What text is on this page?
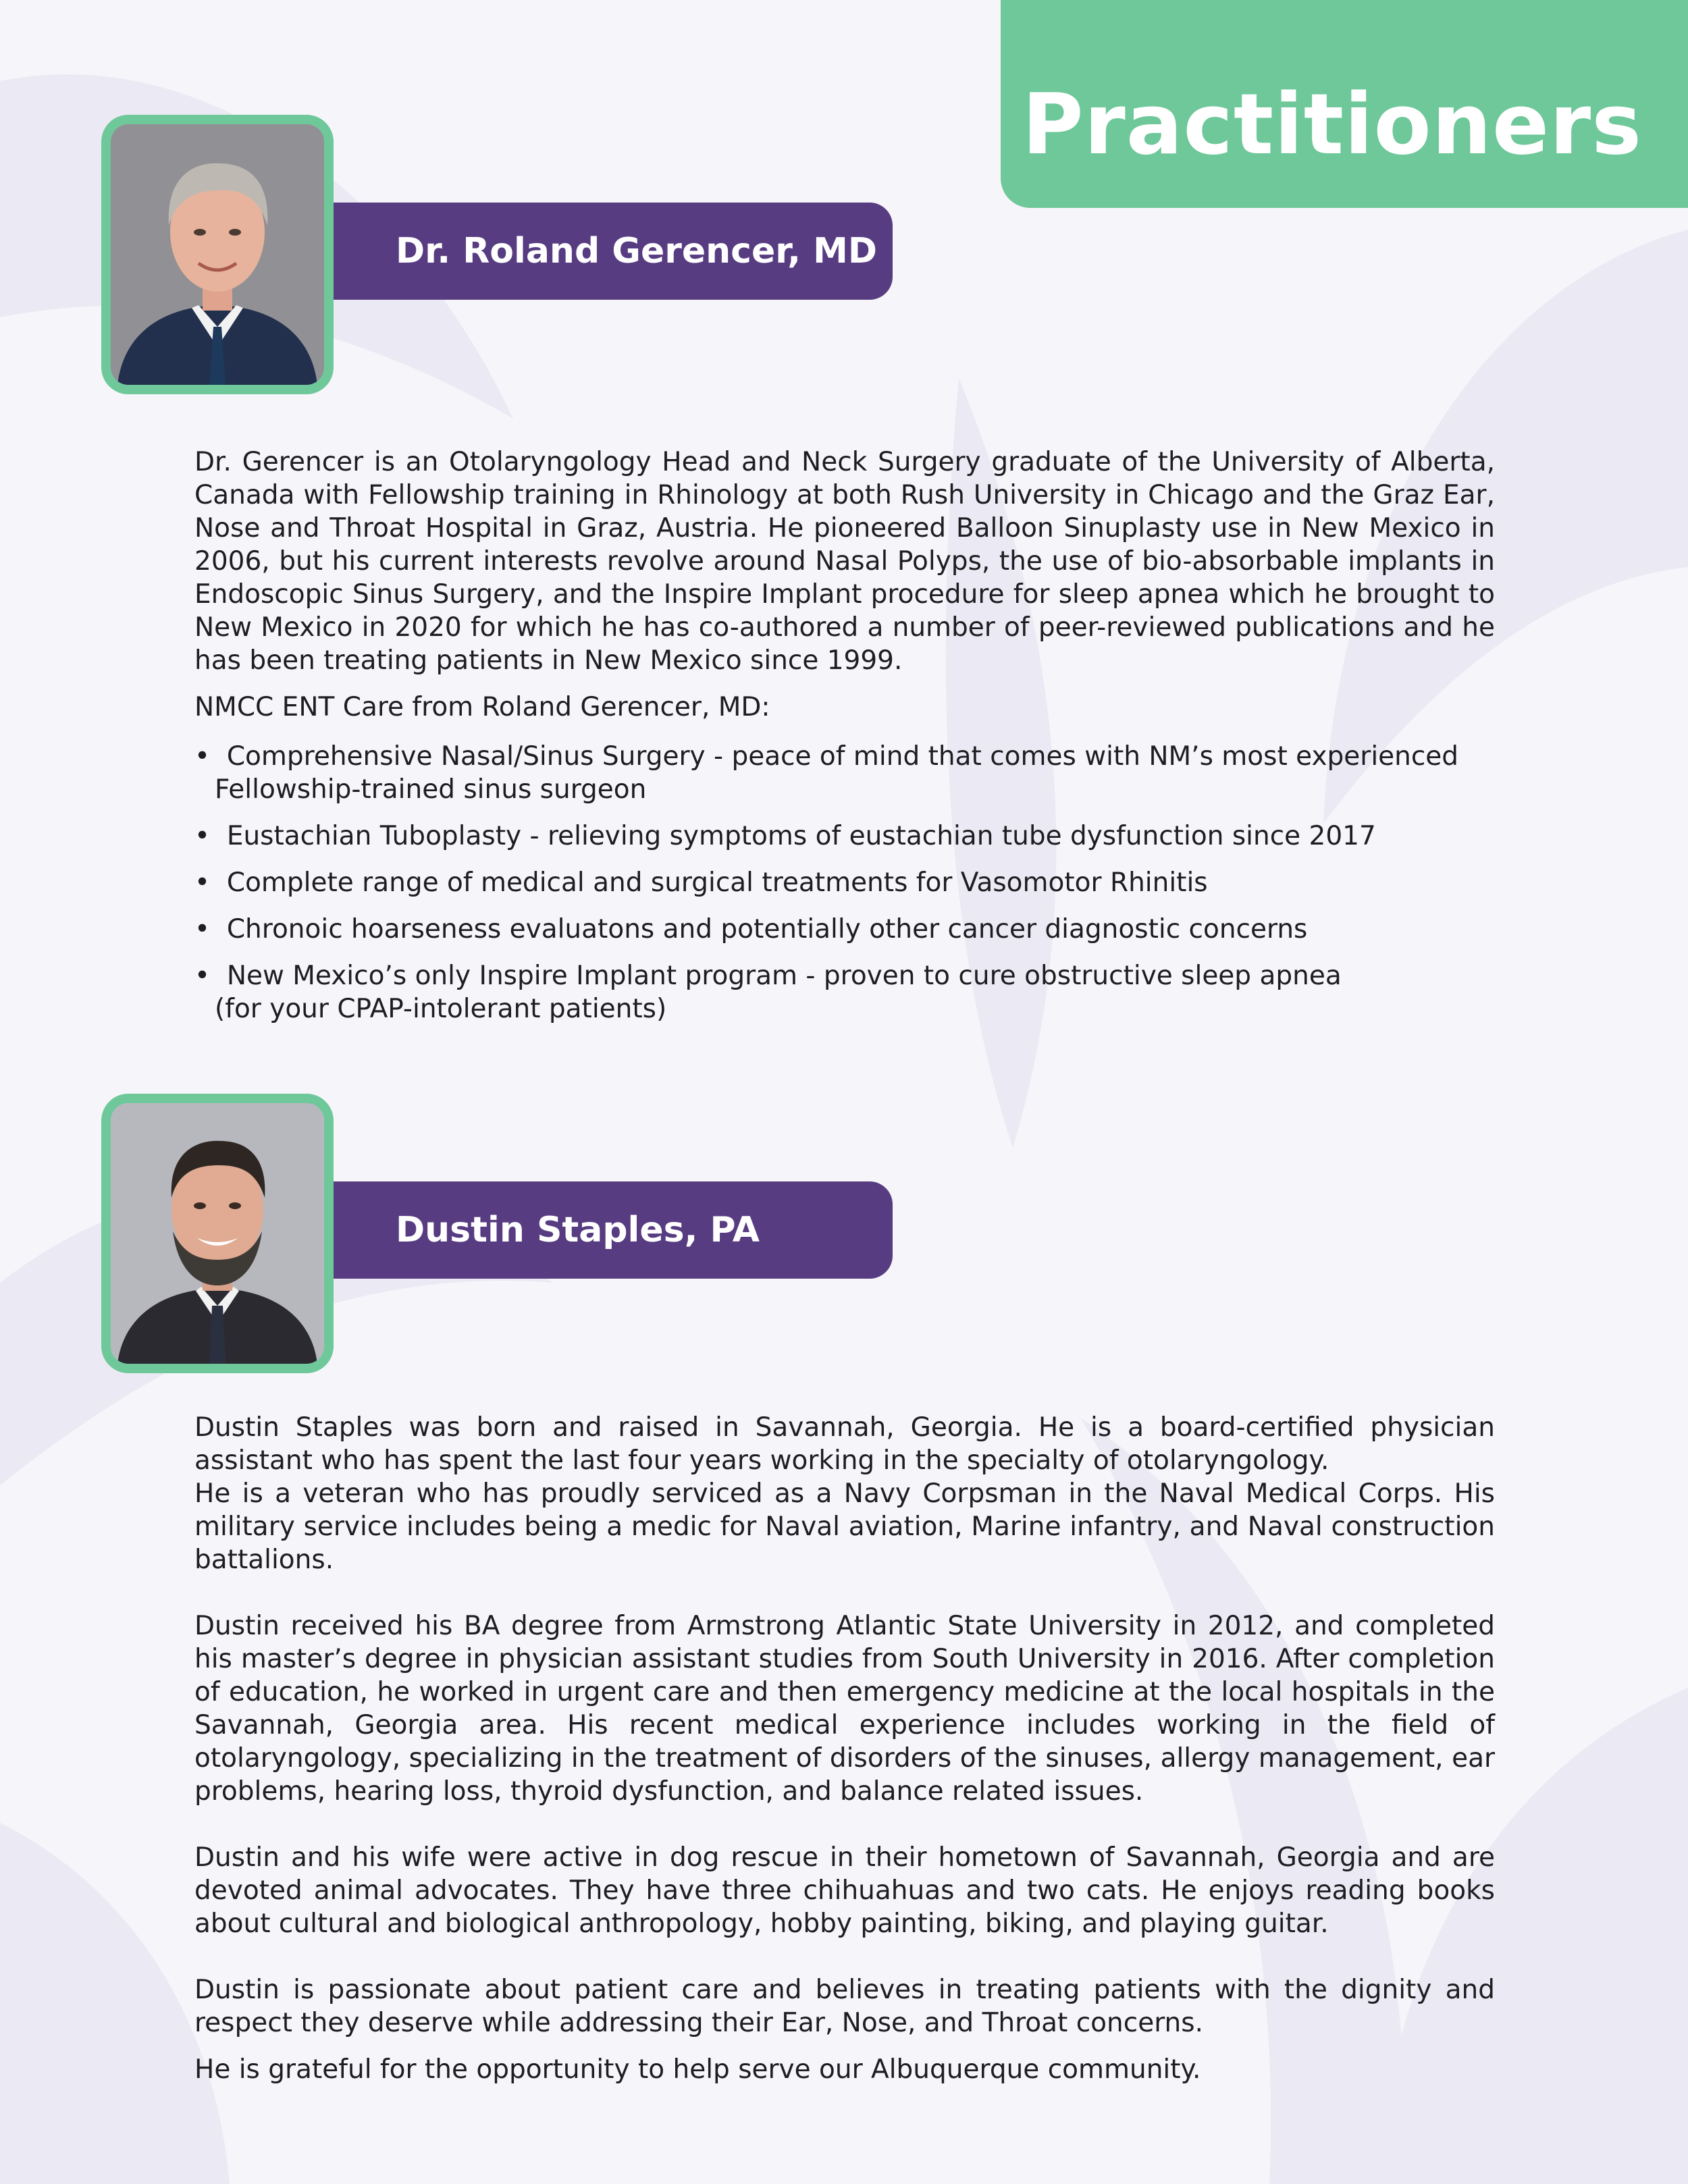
Practitioners
Dr. Roland Gerencer, MD

Dr. Gerencer is an Otolaryngology Head and Neck Surgery graduate of the University of Alberta, Canada with Fellowship training in Rhinology at both Rush University in Chicago and the Graz Ear, Nose and Throat Hospital in Graz, Austria. He pioneered Balloon Sinuplasty use in New Mexico in 2006, but his current interests revolve around Nasal Polyps, the use of bio-absorbable implants in Endoscopic Sinus Surgery, and the Inspire Implant procedure for sleep apnea which he brought to New Mexico in 2020 for which he has co-authored a number of peer-reviewed publications and he has been treating patients in New Mexico since 1999.

NMCC ENT Care from Roland Gerencer, MD:

•  Comprehensive Nasal/Sinus Surgery - peace of mind that comes with NM’s most experienced Fellowship-trained sinus surgeon
•  Eustachian Tuboplasty - relieving symptoms of eustachian tube dysfunction since 2017
•  Complete range of medical and surgical treatments for Vasomotor Rhinitis
•  Chronoic hoarseness evaluatons and potentially other cancer diagnostic concerns
•  New Mexico’s only Inspire Implant program - proven to cure obstructive sleep apnea (for your CPAP-intolerant patients)
Dustin Staples, PA

Dustin Staples was born and raised in Savannah, Georgia. He is a board-certified physician assistant who has spent the last four years working in the specialty of otolaryngology.

He is a veteran who has proudly serviced as a Navy Corpsman in the Naval Medical Corps. His military service includes being a medic for Naval aviation, Marine infantry, and Naval construction battalions.

Dustin received his BA degree from Armstrong Atlantic State University in 2012, and completed his master’s degree in physician assistant studies from South University in 2016. After completion of education, he worked in urgent care and then emergency medicine at the local hospitals in the Savannah, Georgia area. His recent medical experience includes working in the field of otolaryngology, specializing in the treatment of disorders of the sinuses, allergy management, ear problems, hearing loss, thyroid dysfunction, and balance related issues.

Dustin and his wife were active in dog rescue in their hometown of Savannah, Georgia and are devoted animal advocates. They have three chihuahuas and two cats. He enjoys reading books about cultural and biological anthropology, hobby painting, biking, and playing guitar.

Dustin is passionate about patient care and believes in treating patients with the dignity and respect they deserve while addressing their Ear, Nose, and Throat concerns.

He is grateful for the opportunity to help serve our Albuquerque community.
